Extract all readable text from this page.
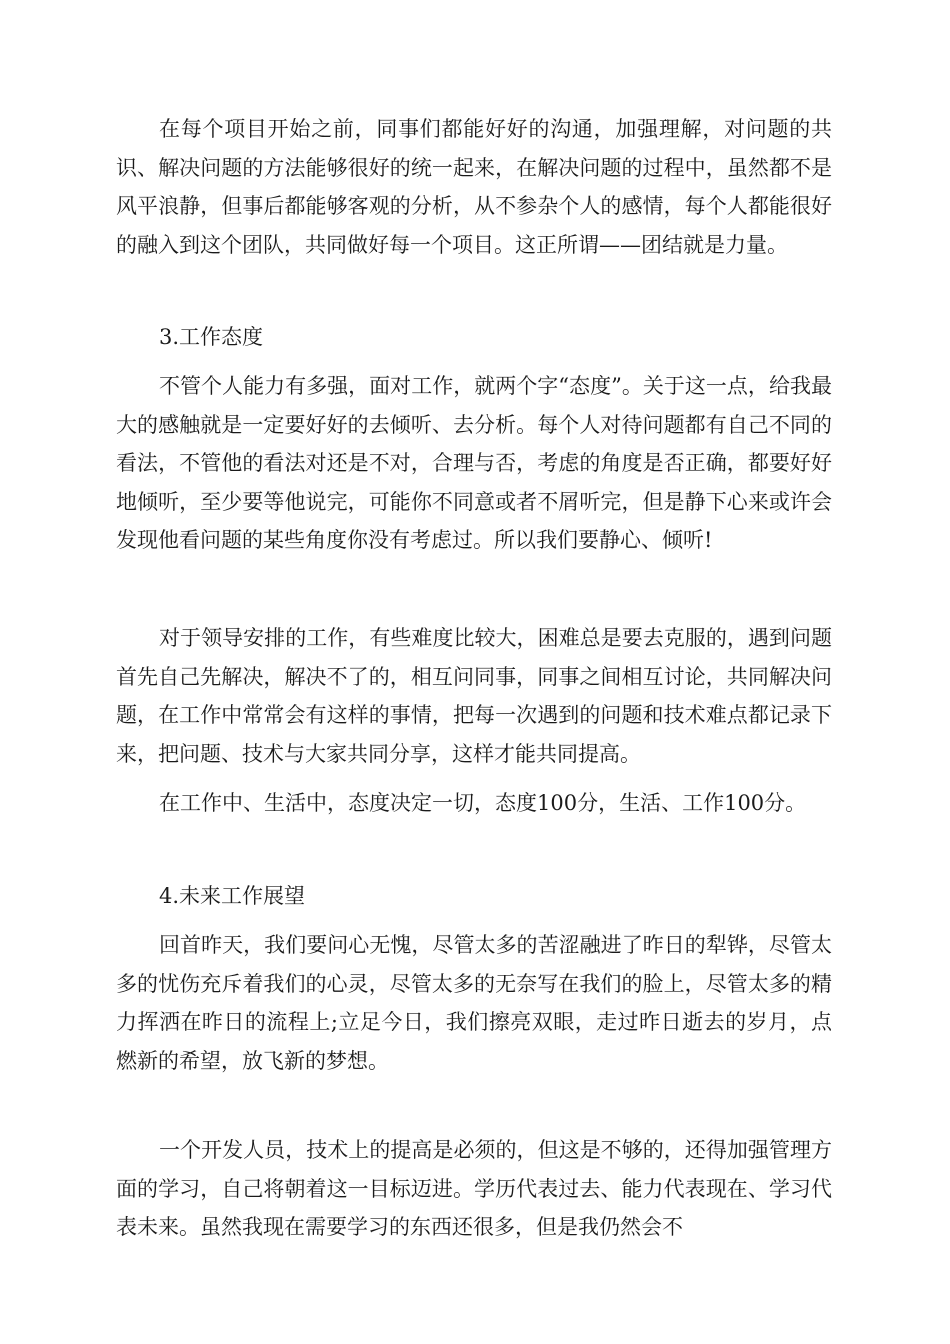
在每个项目开始之前，同事们都能好好的沟通，加强理解，对问题的共识、解决问题的方法能够很好的统一起来，在解决问题的过程中，虽然都不是风平浪静，但事后都能够客观的分析，从不参杂个人的感情，每个人都能很好的融入到这个团队，共同做好每一个项目。这正所谓——团结就是力量。

3.工作态度

不管个人能力有多强，面对工作，就两个字“态度”。关于这一点，给我最大的感触就是一定要好好的去倾听、去分析。每个人对待问题都有自己不同的看法，不管他的看法对还是不对，合理与否，考虑的角度是否正确，都要好好地倾听，至少要等他说完，可能你不同意或者不屑听完，但是静下心来或许会发现他看问题的某些角度你没有考虑过。所以我们要静心、倾听!

对于领导安排的工作，有些难度比较大，困难总是要去克服的，遇到问题首先自己先解决，解决不了的，相互问同事，同事之间相互讨论，共同解决问题，在工作中常常会有这样的事情，把每一次遇到的问题和技术难点都记录下来，把问题、技术与大家共同分享，这样才能共同提高。

在工作中、生活中，态度决定一切，态度100分，生活、工作100分。

4.未来工作展望

回首昨天，我们要问心无愧，尽管太多的苦涩融进了昨日的犁铧，尽管太多的忧伤充斥着我们的心灵，尽管太多的无奈写在我们的脸上，尽管太多的精力挥洒在昨日的流程上;立足今日，我们擦亮双眼，走过昨日逝去的岁月，点燃新的希望，放飞新的梦想。

一个开发人员，技术上的提高是必须的，但这是不够的，还得加强管理方面的学习，自己将朝着这一目标迈进。学历代表过去、能力代表现在、学习代表未来。虽然我现在需要学习的东西还很多，但是我仍然会不
